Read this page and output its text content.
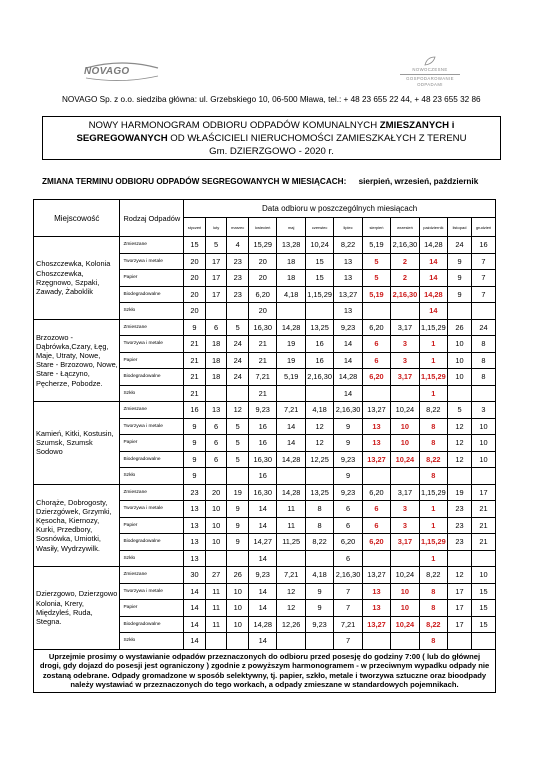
NOVAGO	NOWOCZESNE
GOSPODAROWANIE
ODPADAMI
NOVAGO Sp. z o.o. siedziba główna: ul. Grzebskiego 10, 06-500 Mława, tel.: + 48 23 655 22 44, + 48 23 655 32 86
NOWY HARMONOGRAM ODBIORU ODPADÓW KOMUNALNYCH ZMIESZANYCH i SEGREGOWANYCH OD WŁAŚCICIELI NIERUCHOMOŚCI ZAMIESZKAŁYCH Z TERENU
Gm. DZIERZGOWO - 2020 r.
ZMIANA TERMINU ODBIORU ODPADÓW SEGREGOWANYCH W MIESIĄCACH: sierpień, wrzesień, październik
Miejscowość	Rodzaj Odpadów	Data odbioru w poszczególnych miesiącach											
		styczeń	luty	marzec	kwiecień	maj	czerwiec	lipiec	sierpień	wrzesień	październik	listopad	grudzień
Choszczewka, Kolonia Choszczewka, Rzęgnowo, Szpaki, Zawady, Żaboklik	Zmieszane	15	5	4	15,29	13,28	10,24	8,22	5,19	2,16,30	14,28	24	16
	Tworzywa i metale	20	17	23	20	18	15	13	5	2	14	9	7
	Papier	20	17	23	20	18	15	13	5	2	14	9	7
	Biodegradowalne	20	17	23	6,20	4,18	1,15,29	13,27	5,19	2,16,30	14,28	9	7
	Szkło	20			20			13			14		
Brzozowo - Dąbrówka,Czary, Łęg, Maje, Utraty, Nowe, Stare - Brzozowo, Nowe, Stare - Łączyno, Pęcherze, Pobodze.	Zmieszane	9	6	5	16,30	14,28	13,25	9,23	6,20	3,17	1,15,29	26	24
	Tworzywa i metale	21	18	24	21	19	16	14	6	3	1	10	8
	Papier	21	18	24	21	19	16	14	6	3	1	10	8
	Biodegradowalne	21	18	24	7,21	5,19	2,16,30	14,28	6,20	3,17	1,15,29	10	8
	Szkło	21			21			14			1		
Kamień, Kitki, Kostusin, Szumsk, Szumsk Sodowo	Zmieszane	16	13	12	9,23	7,21	4,18	2,16,30	13,27	10,24	8,22	5	3
	Tworzywa i metale	9	6	5	16	14	12	9	13	10	8	12	10
	Papier	9	6	5	16	14	12	9	13	10	8	12	10
	Biodegradowalne	9	6	5	16,30	14,28	12,25	9,23	13,27	10,24	8,22	12	10
	Szkło	9			16			9			8		
Chorąże, Dobrogosty, Dzierzgówek, Grzymki, Kęsocha, Kiernozy, Kurki, Przedbory, Sosnówka, Umiotki, Wasiły, Wydrzywilk.	Zmieszane	23	20	19	16,30	14,28	13,25	9,23	6,20	3,17	1,15,29	19	17
	Tworzywa i metale	13	10	9	14	11	8	6	6	3	1	23	21
	Papier	13	10	9	14	11	8	6	6	3	1	23	21
	Biodegradowalne	13	10	9	14,27	11,25	8,22	6,20	6,20	3,17	1,15,29	23	21
	Szkło	13			14			6			1		
Dzierzgowo, Dzierzgowo Kolonia, Krery, Międzyleś, Ruda, Stegna.	Zmieszane	30	27	26	9,23	7,21	4,18	2,16,30	13,27	10,24	8,22	12	10
	Tworzywa i metale	14	11	10	14	12	9	7	13	10	8	17	15
	Papier	14	11	10	14	12	9	7	13	10	8	17	15
	Biodegradowalne	14	11	10	14,28	12,26	9,23	7,21	13,27	10,24	8,22	17	15
	Szkło	14			14			7			8		
Uprzejmie prosimy o wystawianie odpadów przeznaczonych do odbioru przed posesję do godziny 7:00 ( lub do głównej drogi, gdy dojazd do posesji jest ograniczony ) zgodnie z powyższym harmonogramem - w przeciwnym wypadku odpady nie zostaną odebrane. Odpady gromadzone w sposób selektywny, tj. papier, szkło, metale i tworzywa sztuczne oraz bioodpady należy wystawiać w przeznaczonych do tego workach, a odpady zmieszane w standardowych pojemnikach.													
